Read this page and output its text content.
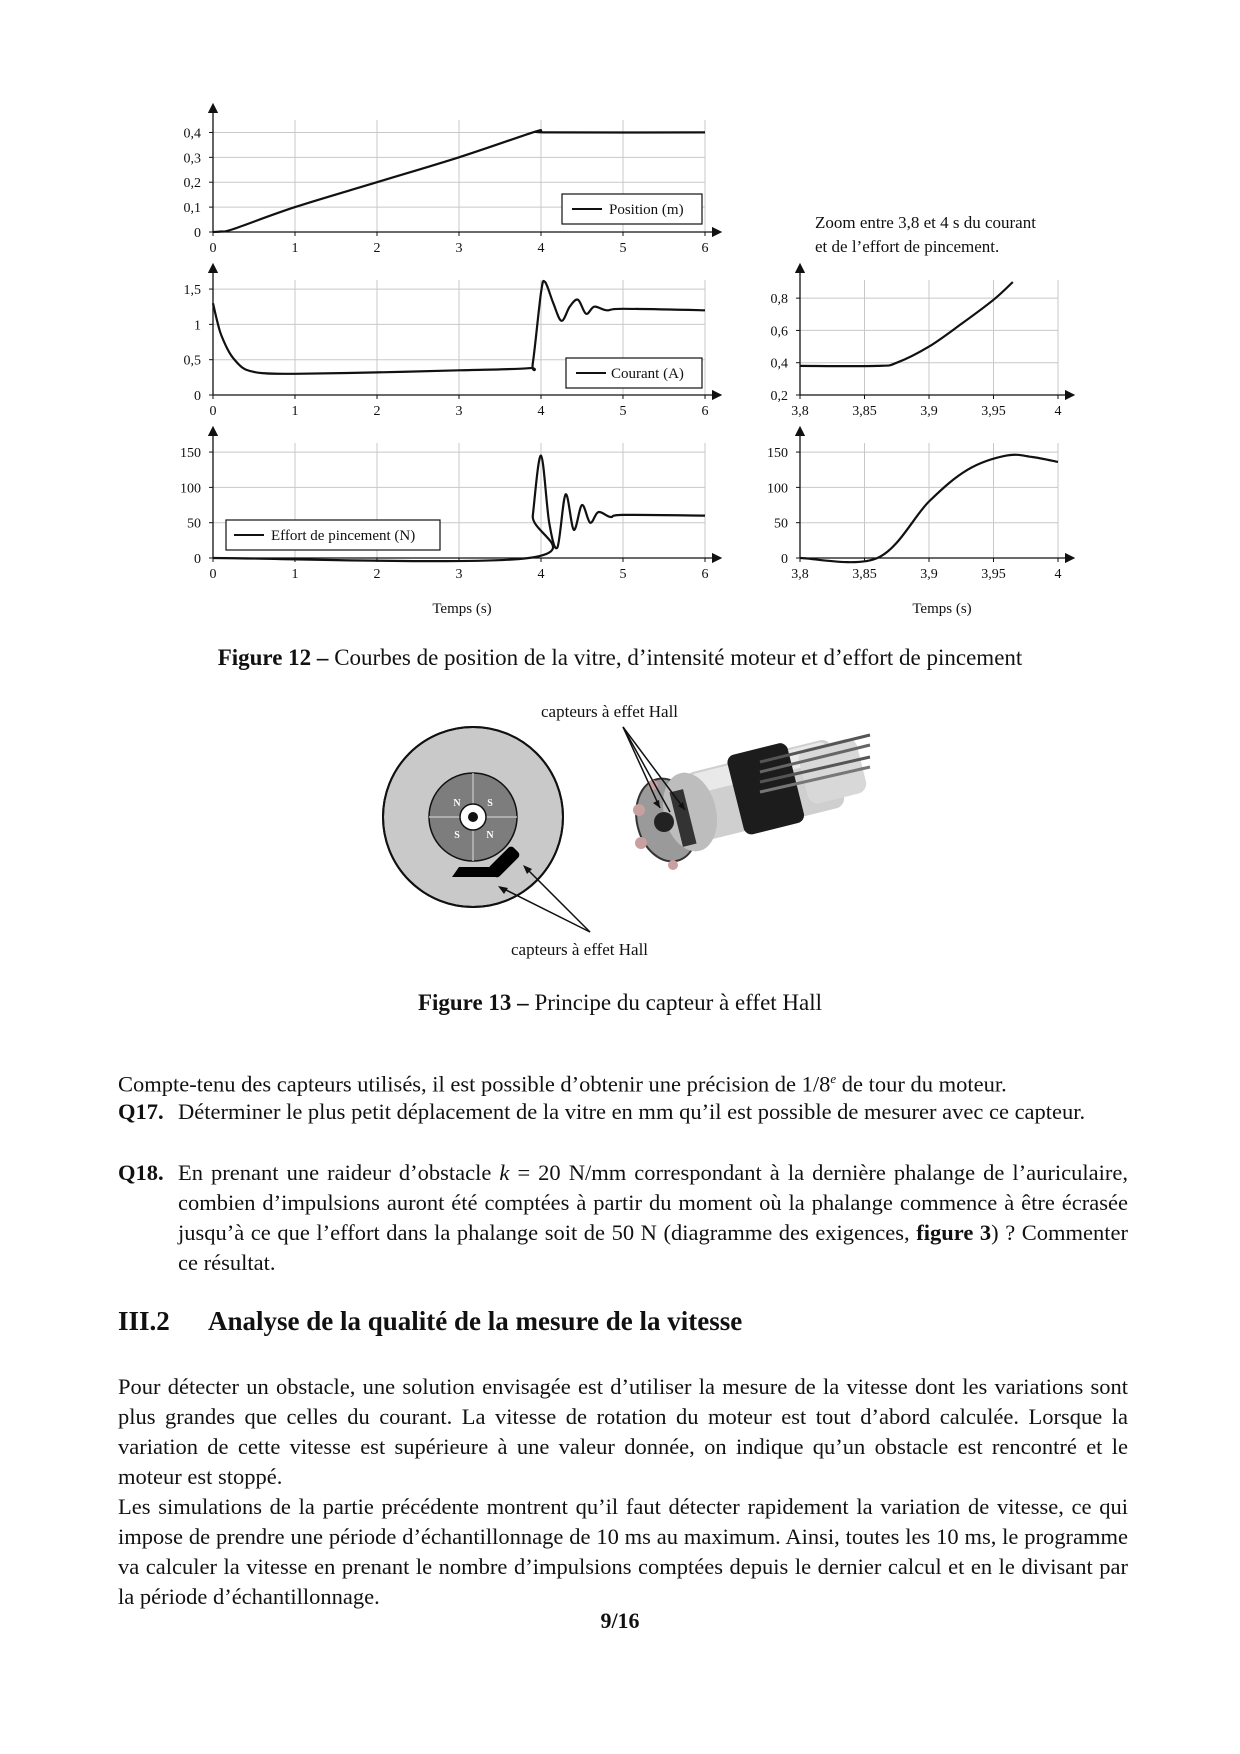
0	1	2	3	4	5	6
0
0,1
0,2
0,3
0,4
0	1	2	3	4	5	6
0
0,5
1
1,5
0	1	2	3	4	5	6
0
50
100
150
3,8	3,85	3,9	3,95	4
0,2
0,4
0,6
0,8
3,8	3,85	3,9	3,95	4
0
50
100
150
Zoom entre 3,8 et 4 s du courant
et de l’effort de pincement.
Temps (s)	Temps (s)
Position (m)
Courant (A)
Effort de pincement (N)
Figure 12 – Courbes de position de la vitre, d’intensité moteur et d’effort de pincement
capteurs à effet Hall
capteurs à effet Hall
N	S
S	N
Figure 13 – Principe du capteur à effet Hall
Compte-tenu des capteurs utilisés, il est possible d’obtenir une précision de 1/8e de tour du moteur.
Q17. Déterminer le plus petit déplacement de la vitre en mm qu’il est possible de mesurer avec ce capteur.
Q18. En prenant une raideur d’obstacle k = 20 N/mm correspondant à la dernière phalange de l’auriculaire, combien d’impulsions auront été comptées à partir du moment où la phalange commence à être écrasée jusqu’à ce que l’effort dans la phalange soit de 50 N (diagramme des exigences, figure 3) ? Commenter ce résultat.
III.2 Analyse de la qualité de la mesure de la vitesse
Pour détecter un obstacle, une solution envisagée est d’utiliser la mesure de la vitesse dont les variations sont plus grandes que celles du courant. La vitesse de rotation du moteur est tout d’abord calculée. Lorsque la variation de cette vitesse est supérieure à une valeur donnée, on indique qu’un obstacle est rencontré et le moteur est stoppé.
Les simulations de la partie précédente montrent qu’il faut détecter rapidement la variation de vitesse, ce qui impose de prendre une période d’échantillonnage de 10 ms au maximum. Ainsi, toutes les 10 ms, le programme va calculer la vitesse en prenant le nombre d’impulsions comptées depuis le dernier calcul et en le divisant par la période d’échantillonnage.
9/16
